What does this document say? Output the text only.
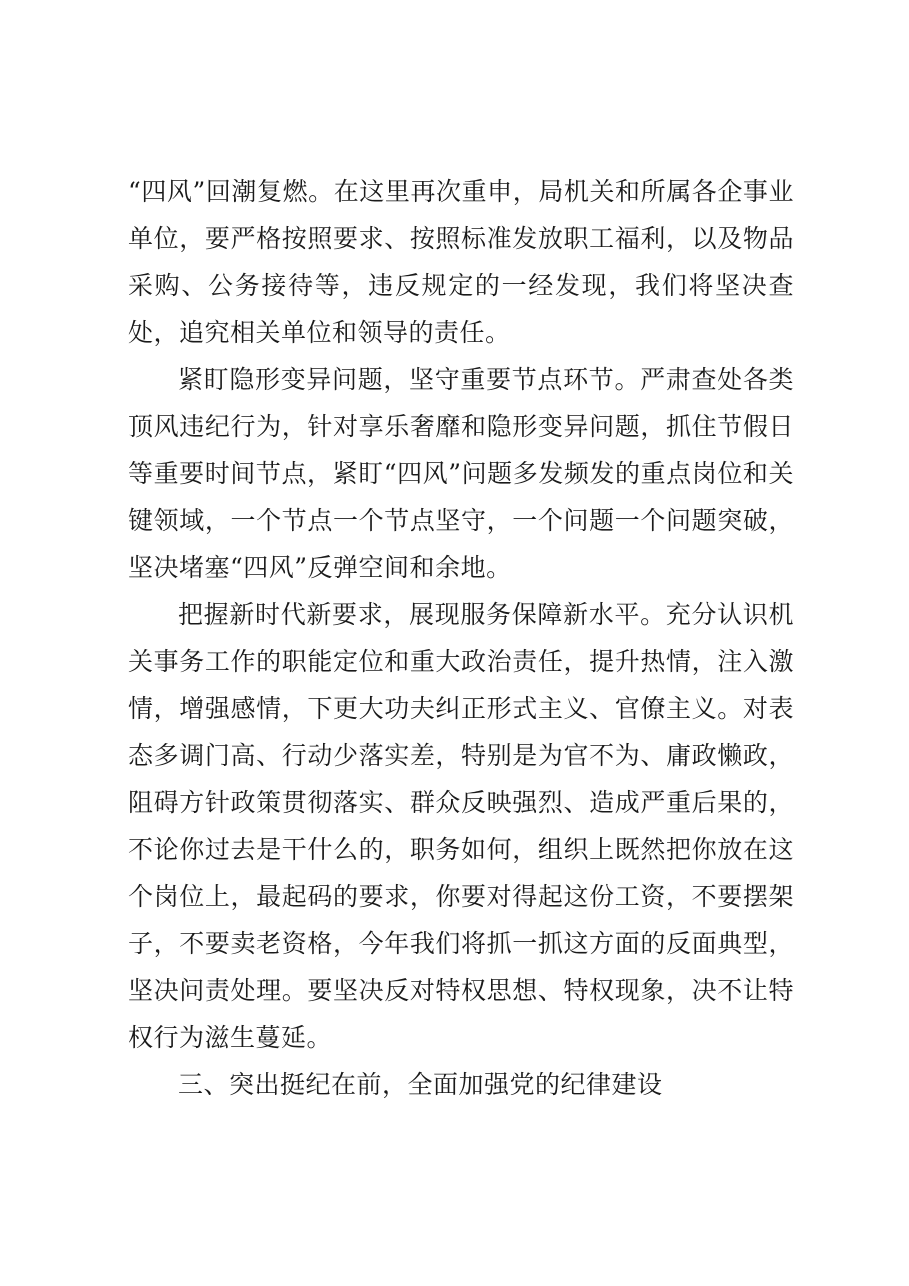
“四风”回潮复燃。在这里再次重申，局机关和所属各企事业单位，要严格按照要求、按照标准发放职工福利，以及物品采购、公务接待等，违反规定的一经发现，我们将坚决查处，追究相关单位和领导的责任。

紧盯隐形变异问题，坚守重要节点环节。严肃查处各类顶风违纪行为，针对享乐奢靡和隐形变异问题，抓住节假日等重要时间节点，紧盯“四风”问题多发频发的重点岗位和关键领域，一个节点一个节点坚守，一个问题一个问题突破，坚决堵塞“四风”反弹空间和余地。

把握新时代新要求，展现服务保障新水平。充分认识机关事务工作的职能定位和重大政治责任，提升热情，注入激情，增强感情，下更大功夫纠正形式主义、官僚主义。对表态多调门高、行动少落实差，特别是为官不为、庸政懒政，阻碍方针政策贯彻落实、群众反映强烈、造成严重后果的，不论你过去是干什么的，职务如何，组织上既然把你放在这个岗位上，最起码的要求，你要对得起这份工资，不要摆架子，不要卖老资格，今年我们将抓一抓这方面的反面典型，坚决问责处理。要坚决反对特权思想、特权现象，决不让特权行为滋生蔓延。

三、突出挺纪在前，全面加强党的纪律建设
